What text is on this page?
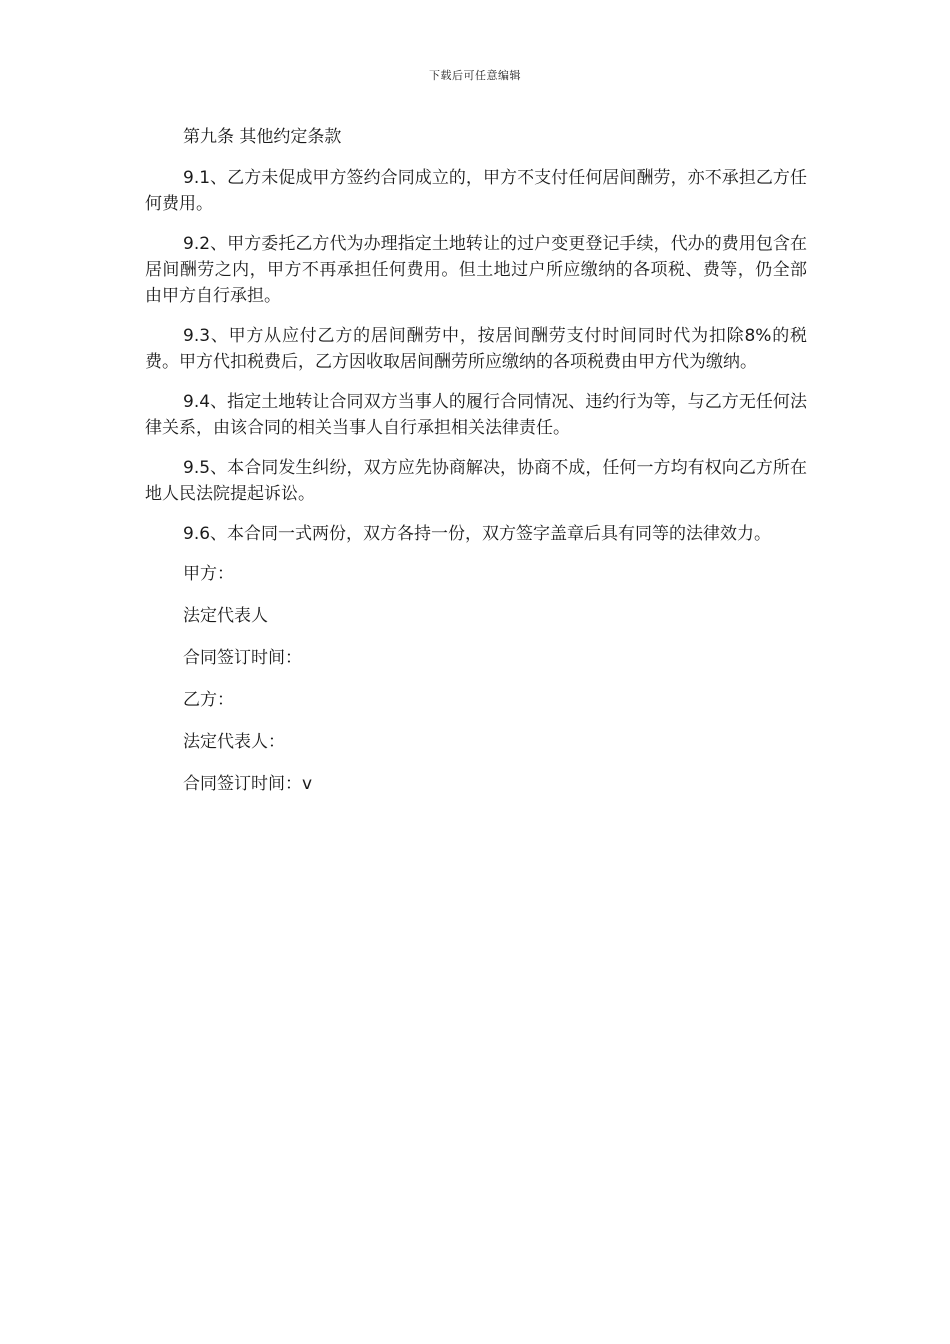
下载后可任意编辑

第九条 其他约定条款

9.1、乙方未促成甲方签约合同成立的，甲方不支付任何居间酬劳，亦不承担乙方任何费用。

9.2、甲方委托乙方代为办理指定土地转让的过户变更登记手续，代办的费用包含在居间酬劳之内，甲方不再承担任何费用。但土地过户所应缴纳的各项税、费等，仍全部由甲方自行承担。

9.3、甲方从应付乙方的居间酬劳中，按居间酬劳支付时间同时代为扣除8%的税费。甲方代扣税费后，乙方因收取居间酬劳所应缴纳的各项税费由甲方代为缴纳。

9.4、指定土地转让合同双方当事人的履行合同情况、违约行为等，与乙方无任何法律关系，由该合同的相关当事人自行承担相关法律责任。

9.5、本合同发生纠纷，双方应先协商解决，协商不成，任何一方均有权向乙方所在地人民法院提起诉讼。

9.6、本合同一式两份，双方各持一份，双方签字盖章后具有同等的法律效力。

甲方：

法定代表人

合同签订时间：

乙方：

法定代表人：

合同签订时间：v
